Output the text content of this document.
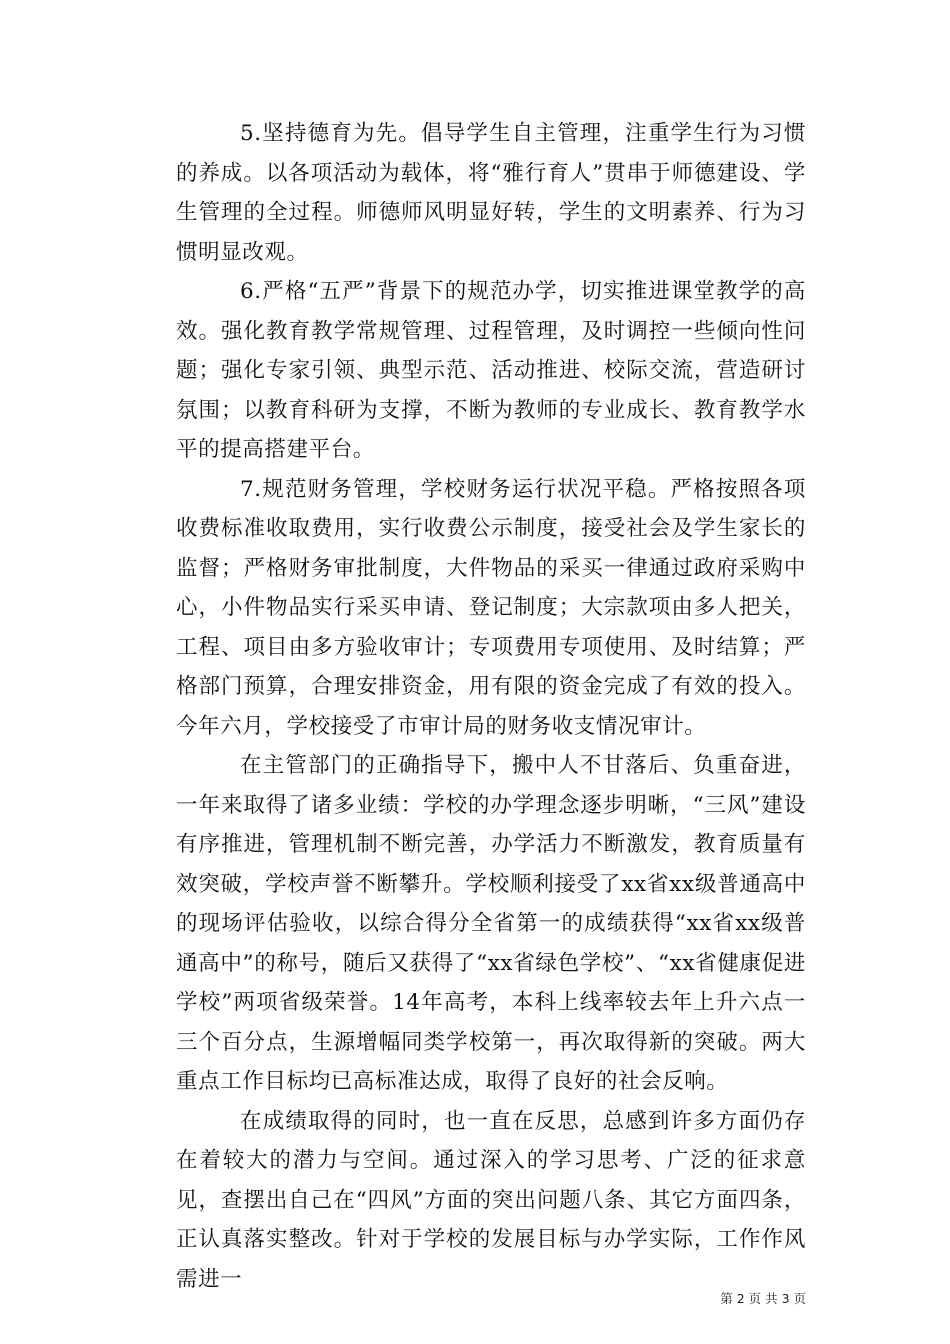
5.坚持德育为先。倡导学生自主管理，注重学生行为习惯的养成。以各项活动为载体，将“雅行育人”贯串于师德建设、学生管理的全过程。师德师风明显好转，学生的文明素养、行为习惯明显改观。

6.严格“五严”背景下的规范办学，切实推进课堂教学的高效。强化教育教学常规管理、过程管理，及时调控一些倾向性问题；强化专家引领、典型示范、活动推进、校际交流，营造研讨氛围；以教育科研为支撑，不断为教师的专业成长、教育教学水平的提高搭建平台。

7.规范财务管理，学校财务运行状况平稳。严格按照各项收费标准收取费用，实行收费公示制度，接受社会及学生家长的监督；严格财务审批制度，大件物品的采买一律通过政府采购中心，小件物品实行采买申请、登记制度；大宗款项由多人把关，工程、项目由多方验收审计；专项费用专项使用、及时结算；严格部门预算，合理安排资金，用有限的资金完成了有效的投入。今年六月，学校接受了市审计局的财务收支情况审计。

在主管部门的正确指导下，搬中人不甘落后、负重奋进，一年来取得了诸多业绩：学校的办学理念逐步明晰，“三风”建设有序推进，管理机制不断完善，办学活力不断激发，教育质量有效突破，学校声誉不断攀升。学校顺利接受了xx省xx级普通高中的现场评估验收，以综合得分全省第一的成绩获得“xx省xx级普通高中”的称号，随后又获得了“xx省绿色学校”、“xx省健康促进学校”两项省级荣誉。14年高考，本科上线率较去年上升六点一三个百分点，生源增幅同类学校第一，再次取得新的突破。两大重点工作目标均已高标准达成，取得了良好的社会反响。

在成绩取得的同时，也一直在反思，总感到许多方面仍存在着较大的潜力与空间。通过深入的学习思考、广泛的征求意见，查摆出自己在“四风”方面的突出问题八条、其它方面四条，正认真落实整改。针对于学校的发展目标与办学实际，工作作风需进一

第 2 页 共 3 页
